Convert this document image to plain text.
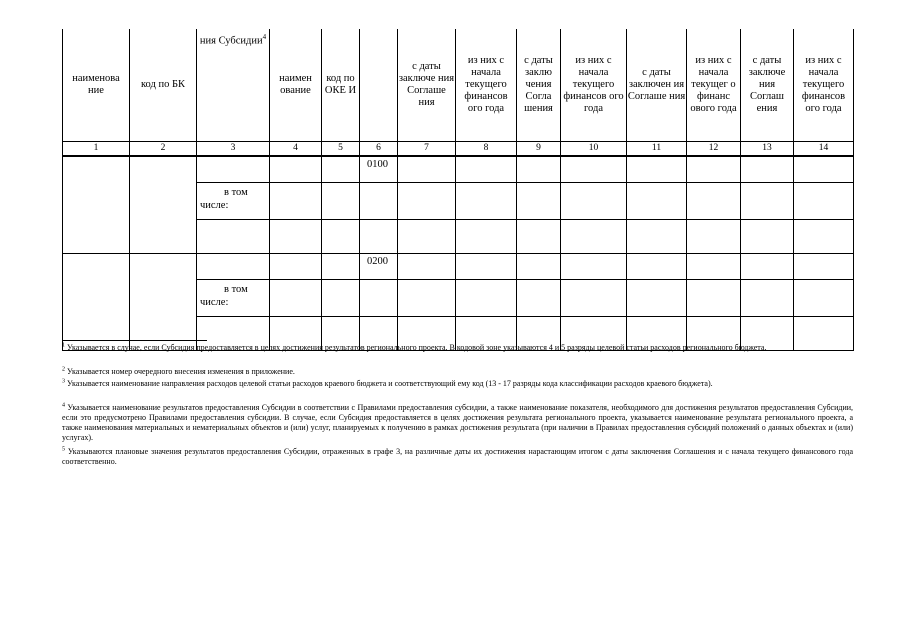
наименова ние	код по БК	ния Субсидии$^4$	наимен ование	код по ОКЕ И		с даты заключе ния Соглаше ния	из них с начала текущего финансов ого года	с даты заклю чения Согла шения	из них с начала текущего финансов ого года	с даты заключен ия Соглаше ния	из них с начала текущег о финанс ового года	с даты заключе ния Соглаш ения	из них с начала текущего финансов ого года
1	2	3	4	5	6	7	8	9	10	11	12	13	14
					0100								

		в том
числе:											

					0200								

		в том
числе:											

$^1$ Указывается в случае, если Субсидия предоставляется в целях достижения результатов регионального проекта. В кодовой зоне указываются 4 и 5 разряды целевой статьи расходов регионального бюджета.
$^2$ Указывается номер очередного внесения изменения в приложение.
$^3$ Указывается наименование направления расходов целевой статьи расходов краевого бюджета и соответствующий ему код (13 - 17 разряды кода классификации расходов краевого бюджета).
$^4$ Указывается наименование результатов предоставления Субсидии в соответствии с Правилами предоставления субсидии, а также наименование показателя, необходимого для достижения результатов предоставления Субсидии, если это предусмотрено Правилами предоставления субсидии. В случае, если Субсидия предоставляется в целях достижения результата регионального проекта, указывается наименование результата регионального проекта, а также наименования материальных и нематериальных объектов и (или) услуг, планируемых к получению в рамках достижения результата (при наличии в Правилах предоставления субсидий положений о данных объектах и (или) услугах).
$^5$ Указываются плановые значения результатов предоставления Субсидии, отраженных в графе 3, на различные даты их достижения нарастающим итогом с даты заключения Соглашения и с начала текущего финансового года соответственно.
